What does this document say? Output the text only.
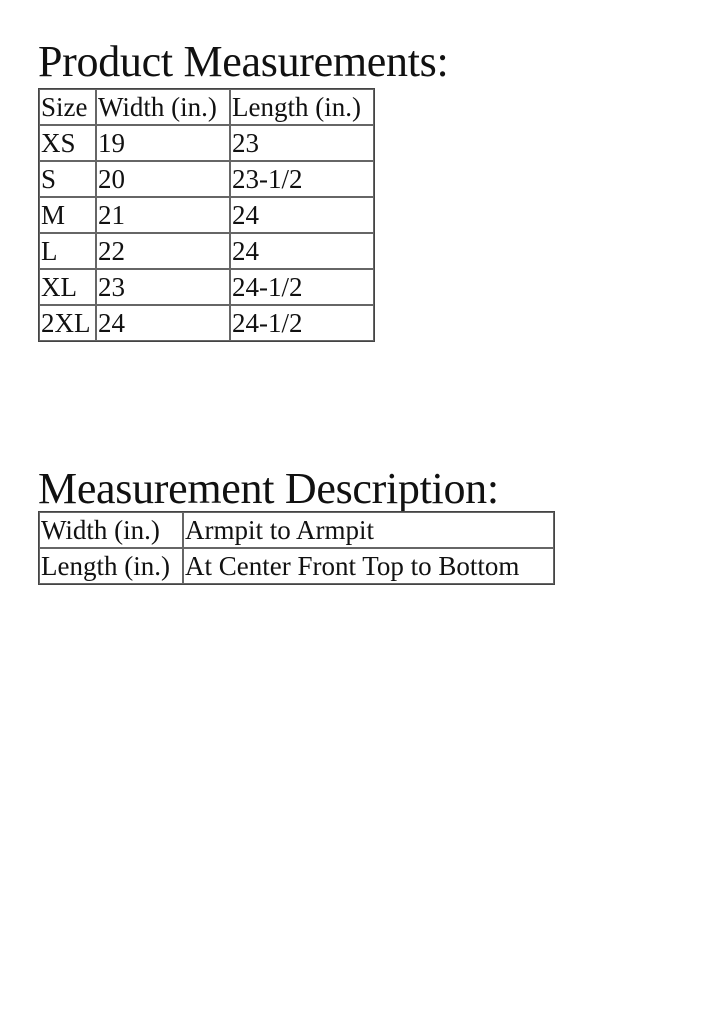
Product Measurements:
Size	Width (in.)	Length (in.)
XS	19	23
S	20	23-1/2
M	21	24
L	22	24
XL	23	24-1/2
2XL	24	24-1/2
Measurement Description:
Width (in.)	Armpit to Armpit
Length (in.)	At Center Front Top to Bottom
